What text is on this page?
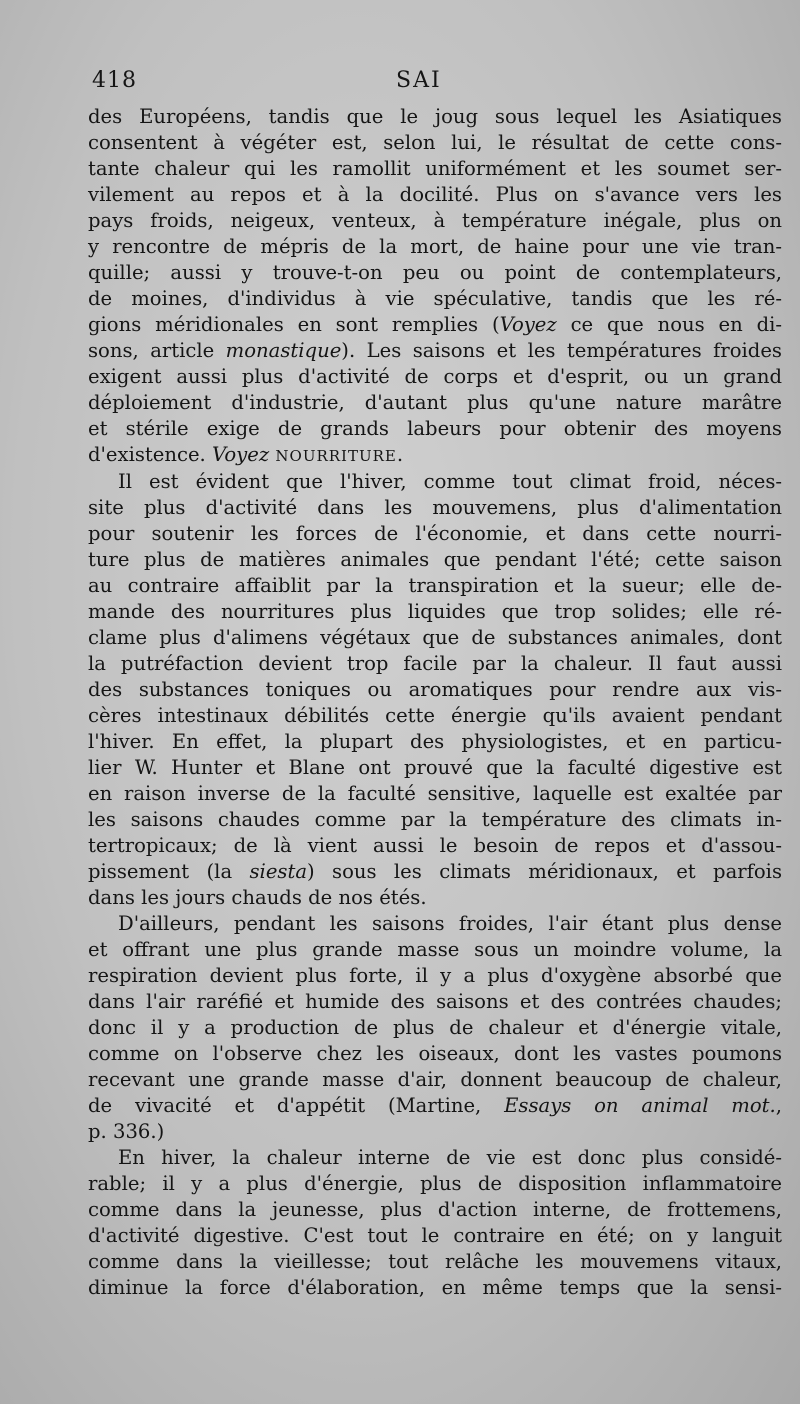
418	SAI

des Européens, tandis que le joug sous lequel les Asiatiques

consentent à végéter est, selon lui, le résultat de cette cons-

tante chaleur qui les ramollit uniformément et les soumet ser-

vilement au repos et à la docilité. Plus on s'avance vers les

pays froids, neigeux, venteux, à température inégale, plus on

y rencontre de mépris de la mort, de haine pour une vie tran-

quille; aussi y trouve-t-on peu ou point de contemplateurs,

de moines, d'individus à vie spéculative, tandis que les ré-

gions méridionales en sont remplies (Voyez ce que nous en di-

sons, article monastique). Les saisons et les températures froides

exigent aussi plus d'activité de corps et d'esprit, ou un grand

déploiement d'industrie, d'autant plus qu'une nature marâtre

et stérile exige de grands labeurs pour obtenir des moyens

d'existence. Voyez NOURRITURE.

Il est évident que l'hiver, comme tout climat froid, néces-

site plus d'activité dans les mouvemens, plus d'alimentation

pour soutenir les forces de l'économie, et dans cette nourri-

ture plus de matières animales que pendant l'été; cette saison

au contraire affaiblit par la transpiration et la sueur; elle de-

mande des nourritures plus liquides que trop solides; elle ré-

clame plus d'alimens végétaux que de substances animales, dont

la putréfaction devient trop facile par la chaleur. Il faut aussi

des substances toniques ou aromatiques pour rendre aux vis-

cères intestinaux débilités cette énergie qu'ils avaient pendant

l'hiver. En effet, la plupart des physiologistes, et en particu-

lier W. Hunter et Blane ont prouvé que la faculté digestive est

en raison inverse de la faculté sensitive, laquelle est exaltée par

les saisons chaudes comme par la température des climats in-

tertropicaux; de là vient aussi le besoin de repos et d'assou-

pissement (la siesta) sous les climats méridionaux, et parfois

dans les jours chauds de nos étés.

D'ailleurs, pendant les saisons froides, l'air étant plus dense

et offrant une plus grande masse sous un moindre volume, la

respiration devient plus forte, il y a plus d'oxygène absorbé que

dans l'air raréfié et humide des saisons et des contrées chaudes;

donc il y a production de plus de chaleur et d'énergie vitale,

comme on l'observe chez les oiseaux, dont les vastes poumons

recevant une grande masse d'air, donnent beaucoup de chaleur,

de vivacité et d'appétit (Martine, Essays on animal mot.,

p. 336.)

En hiver, la chaleur interne de vie est donc plus considé-

rable; il y a plus d'énergie, plus de disposition inflammatoire

comme dans la jeunesse, plus d'action interne, de frottemens,

d'activité digestive. C'est tout le contraire en été; on y languit

comme dans la vieillesse; tout relâche les mouvemens vitaux,

diminue la force d'élaboration, en même temps que la sensi-
